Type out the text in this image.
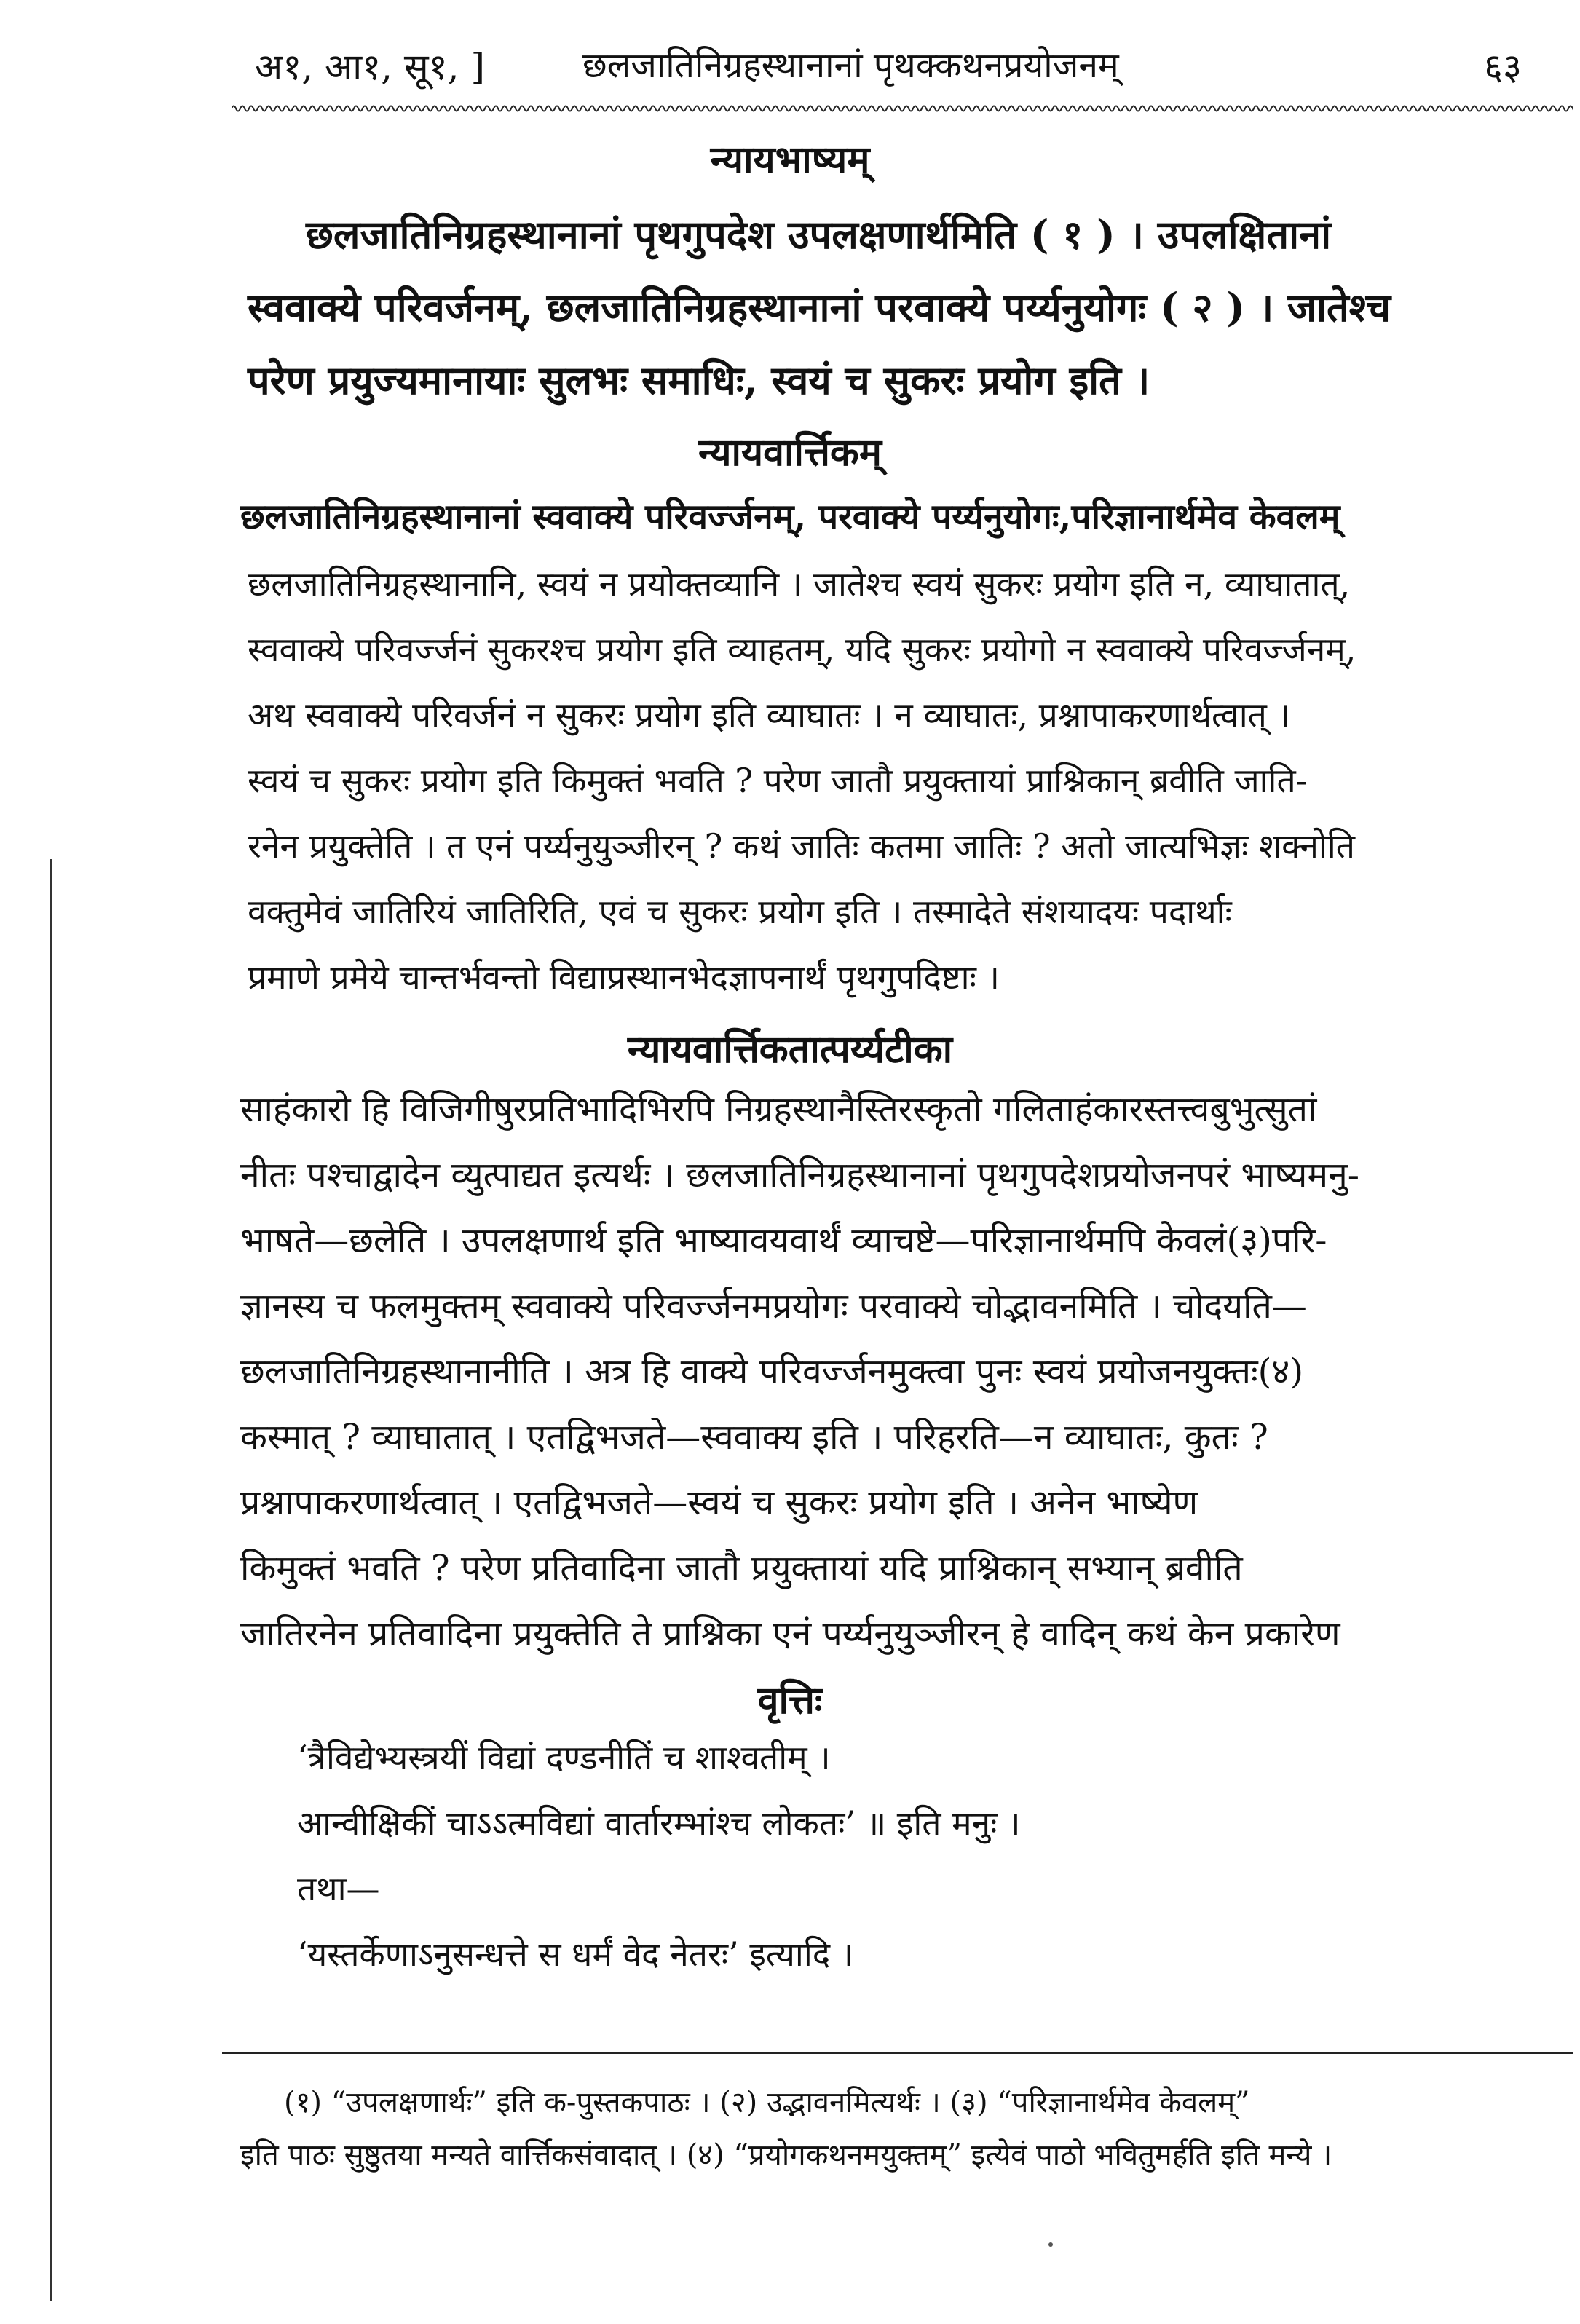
अ१, आ१, सू१, ]	छलजातिनिग्रहस्थानानां पृथक्कथनप्रयोजनम्	६३
न्यायभाष्यम्
छलजातिनिग्रहस्थानानां पृथगुपदेश उपलक्षणार्थमिति ( १ ) । उपलक्षितानां
स्ववाक्ये परिवर्जनम्, छलजातिनिग्रहस्थानानां परवाक्ये पर्य्यनुयोगः ( २ ) । जातेश्च
परेण प्रयुज्यमानायाः सुलभः समाधिः, स्वयं च सुकरः प्रयोग इति ।
न्यायवार्त्तिकम्
छलजातिनिग्रहस्थानानां स्ववाक्ये परिवर्ज्जनम्, परवाक्ये पर्य्यनुयोगः,परिज्ञानार्थमेव केवलम्
छलजातिनिग्रहस्थानानि, स्वयं न प्रयोक्तव्यानि । जातेश्च स्वयं सुकरः प्रयोग इति न, व्याघातात्,
स्ववाक्ये परिवर्ज्जनं सुकरश्च प्रयोग इति व्याहतम्, यदि सुकरः प्रयोगो न स्ववाक्ये परिवर्ज्जनम्,
अथ स्ववाक्ये परिवर्जनं न सुकरः प्रयोग इति व्याघातः । न व्याघातः, प्रश्नापाकरणार्थत्वात् ।
स्वयं च सुकरः प्रयोग इति किमुक्तं भवति ? परेण जातौ प्रयुक्तायां प्राश्निकान् ब्रवीति जाति-
रनेन प्रयुक्तेति । त एनं पर्य्यनुयुञ्जीरन् ? कथं जातिः कतमा जातिः ? अतो जात्यभिज्ञः शक्नोति
वक्तुमेवं जातिरियं जातिरिति, एवं च सुकरः प्रयोग इति । तस्मादेते संशयादयः पदार्थाः
प्रमाणे प्रमेये चान्तर्भवन्तो विद्याप्रस्थानभेदज्ञापनार्थं पृथगुपदिष्टाः ।
न्यायवार्त्तिकतात्पर्य्यटीका
साहंकारो हि विजिगीषुरप्रतिभादिभिरपि निग्रहस्थानैस्तिरस्कृतो गलिताहंकारस्तत्त्वबुभुत्सुतां
नीतः पश्चाद्वादेन व्युत्पाद्यत इत्यर्थः । छलजातिनिग्रहस्थानानां पृथगुपदेशप्रयोजनपरं भाष्यमनु-
भाषते—छलेति । उपलक्षणार्थ इति भाष्यावयवार्थं व्याचष्टे—परिज्ञानार्थमपि केवलं(३)परि-
ज्ञानस्य च फलमुक्तम् स्ववाक्ये परिवर्ज्जनमप्रयोगः परवाक्ये चोद्भावनमिति । चोदयति—
छलजातिनिग्रहस्थानानीति । अत्र हि वाक्ये परिवर्ज्जनमुक्त्वा पुनः स्वयं प्रयोजनयुक्तः(४)
कस्मात् ? व्याघातात् । एतद्विभजते—स्ववाक्य इति । परिहरति—न व्याघातः, कुतः ?
प्रश्नापाकरणार्थत्वात् । एतद्विभजते—स्वयं च सुकरः प्रयोग इति । अनेन भाष्येण
किमुक्तं भवति ? परेण प्रतिवादिना जातौ प्रयुक्तायां यदि प्राश्निकान् सभ्यान् ब्रवीति
जातिरनेन प्रतिवादिना प्रयुक्तेति ते प्राश्निका एनं पर्य्यनुयुञ्जीरन् हे वादिन् कथं केन प्रकारेण
वृत्तिः
‘त्रैविद्येभ्यस्त्रयीं विद्यां दण्डनीतिं च शाश्वतीम् ।
आन्वीक्षिकीं चाऽऽत्मविद्यां वार्तारम्भांश्च लोकतः’ ॥ इति मनुः ।
तथा—
‘यस्तर्केणाऽनुसन्धत्ते स धर्मं वेद नेतरः’ इत्यादि ।
(१) “उपलक्षणार्थः” इति क-पुस्तकपाठः । (२) उद्भावनमित्यर्थः । (३) “परिज्ञानार्थमेव केवलम्”
इति पाठः सुष्ठुतया मन्यते वार्त्तिकसंवादात् । (४) “प्रयोगकथनमयुक्तम्” इत्येवं पाठो भवितुमर्हति इति मन्ये ।
